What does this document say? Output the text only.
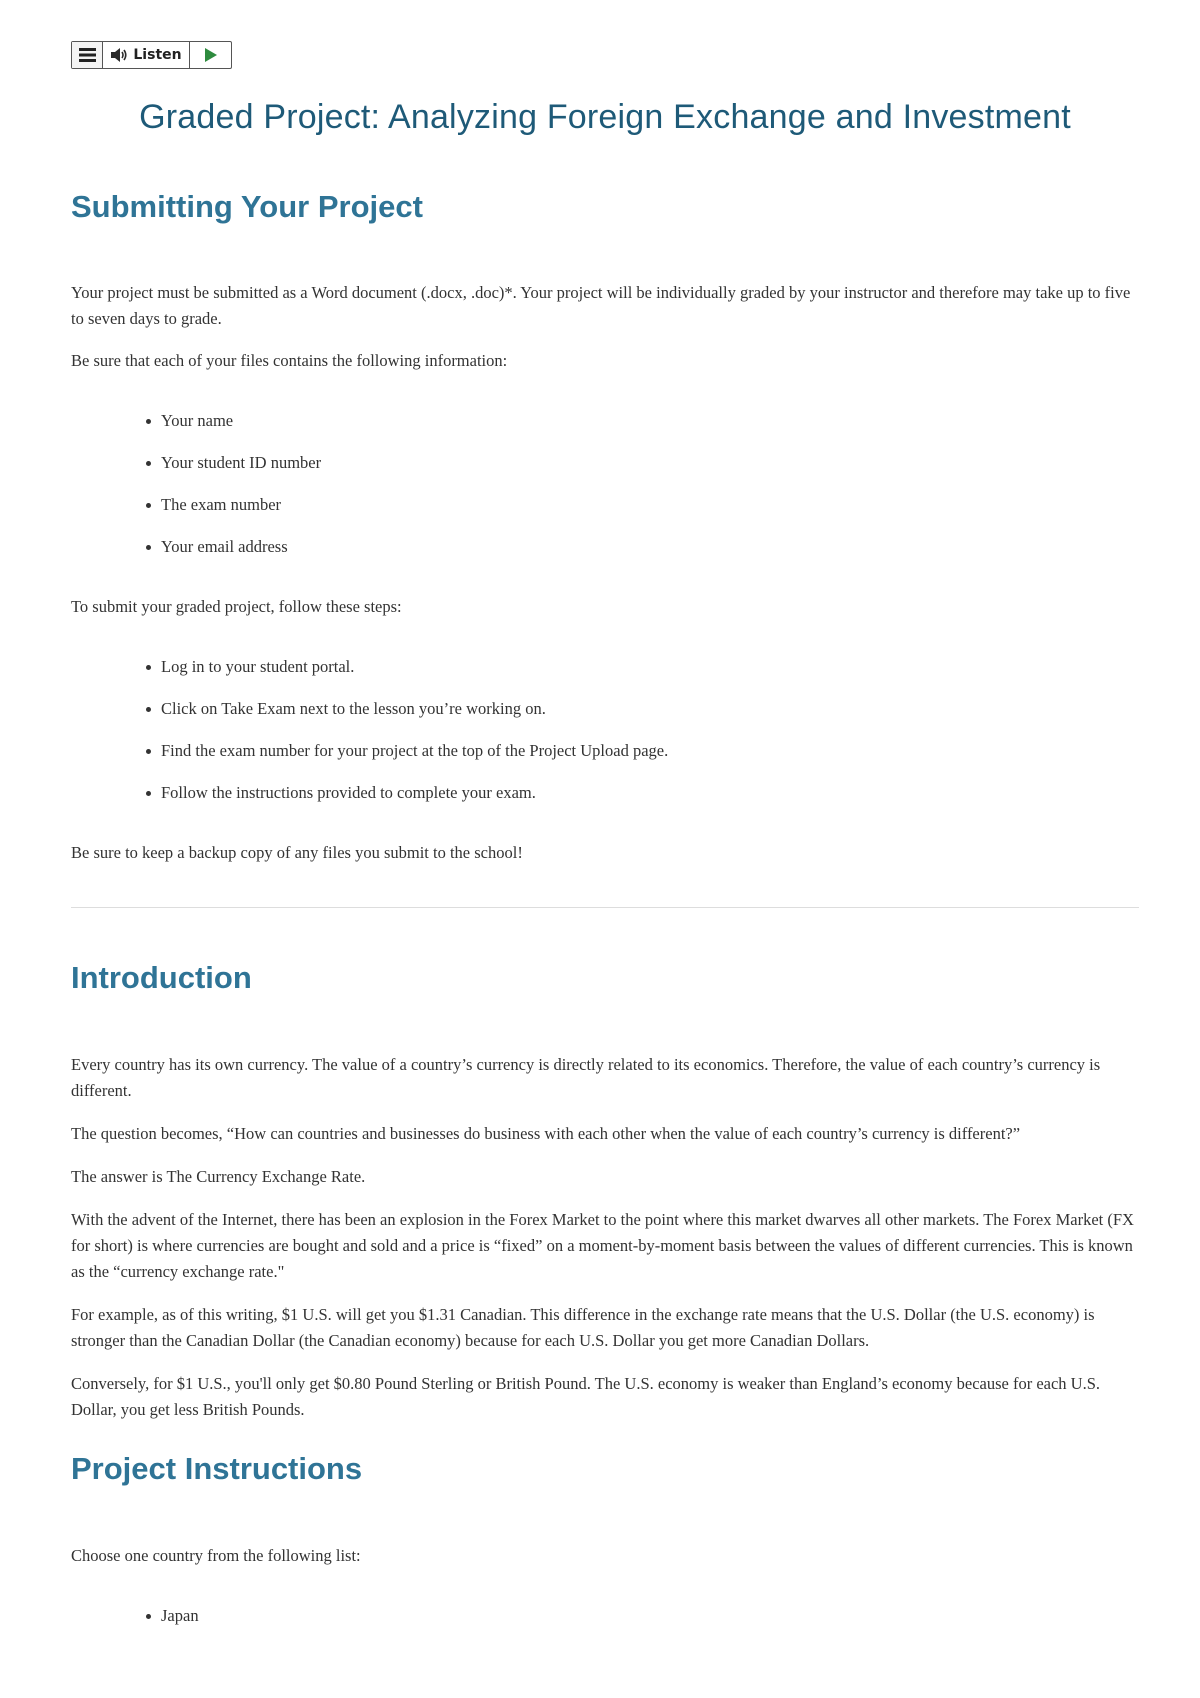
Listen
Graded Project: Analyzing Foreign Exchange and Investment
Submitting Your Project

Your project must be submitted as a Word document (.docx, .doc)*. Your project will be individually graded by your instructor and therefore may take up to five to seven days to grade.

Be sure that each of your files contains the following information:

Your name
Your student ID number
The exam number
Your email address

To submit your graded project, follow these steps:

Log in to your student portal.
Click on Take Exam next to the lesson you’re working on.
Find the exam number for your project at the top of the Project Upload page.
Follow the instructions provided to complete your exam.

Be sure to keep a backup copy of any files you submit to the school!

Introduction

Every country has its own currency. The value of a country’s currency is directly related to its economics. Therefore, the value of each country’s currency is different.

The question becomes, “How can countries and businesses do business with each other when the value of each country’s currency is different?”

The answer is The Currency Exchange Rate.

With the advent of the Internet, there has been an explosion in the Forex Market to the point where this market dwarves all other markets. The Forex Market (FX for short) is where currencies are bought and sold and a price is “fixed” on a moment-by-moment basis between the values of different currencies. This is known as the “currency exchange rate."

For example, as of this writing, $1 U.S. will get you $1.31 Canadian. This difference in the exchange rate means that the U.S. Dollar (the U.S. economy) is stronger than the Canadian Dollar (the Canadian economy) because for each U.S. Dollar you get more Canadian Dollars.

Conversely, for $1 U.S., you'll only get $0.80 Pound Sterling or British Pound. The U.S. economy is weaker than England’s economy because for each U.S. Dollar, you get less British Pounds.

Project Instructions

Choose one country from the following list:

Japan
